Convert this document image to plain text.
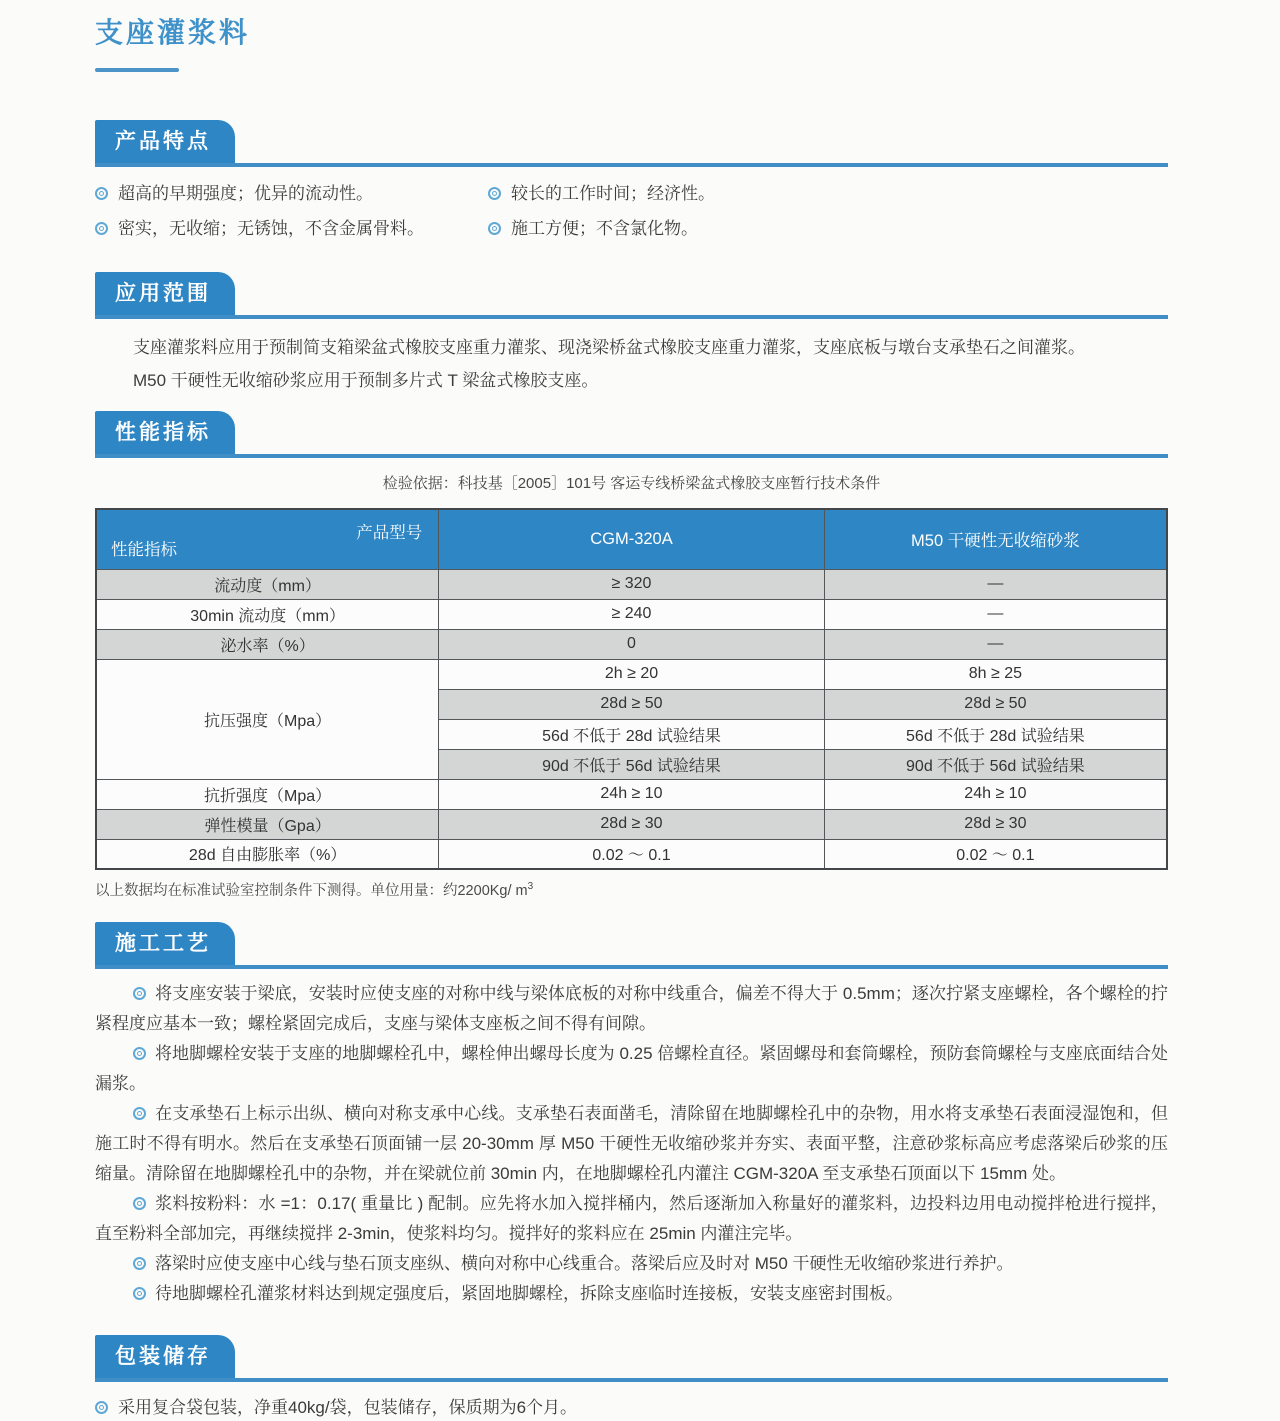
支座灌浆料
产品特点
超高的早期强度；优异的流动性。	较长的工作时间；经济性。
密实，无收缩；无锈蚀，不含金属骨料。	施工方便；不含氯化物。
应用范围

支座灌浆料应用于预制简支箱梁盆式橡胶支座重力灌浆、现浇梁桥盆式橡胶支座重力灌浆，支座底板与墩台支承垫石之间灌浆。

M50 干硬性无收缩砂浆应用于预制多片式 T 梁盆式橡胶支座。

性能指标

检验依据：科技基［2005］101号 客运专线桥梁盆式橡胶支座暂行技术条件

产品型号
性能指标	CGM-320A	M50 干硬性无收缩砂浆
流动度（mm）	≥ 320	—
30min 流动度（mm）	≥ 240	—
泌水率（%）	0	—
抗压强度（Mpa）	2h ≥ 20	8h ≥ 25
	28d ≥ 50	28d ≥ 50
	56d 不低于 28d 试验结果	56d 不低于 28d 试验结果
	90d 不低于 56d 试验结果	90d 不低于 56d 试验结果
抗折强度（Mpa）	24h ≥ 10	24h ≥ 10
弹性模量（Gpa）	28d ≥ 30	28d ≥ 30
28d 自由膨胀率（%）	0.02 ～ 0.1	0.02 ～ 0.1

以上数据均在标准试验室控制条件下测得。单位用量：约2200Kg/ $m^3$

施工工艺

将支座安装于梁底，安装时应使支座的对称中线与梁体底板的对称中线重合，偏差不得大于 0.5mm；逐次拧紧支座螺栓，各个螺栓的拧紧程度应基本一致；螺栓紧固完成后，支座与梁体支座板之间不得有间隙。

将地脚螺栓安装于支座的地脚螺栓孔中，螺栓伸出螺母长度为 0.25 倍螺栓直径。紧固螺母和套筒螺栓，预防套筒螺栓与支座底面结合处漏浆。

在支承垫石上标示出纵、横向对称支承中心线。支承垫石表面凿毛，清除留在地脚螺栓孔中的杂物，用水将支承垫石表面浸湿饱和，但施工时不得有明水。然后在支承垫石顶面铺一层 20-30mm 厚 M50 干硬性无收缩砂浆并夯实、表面平整，注意砂浆标高应考虑落梁后砂浆的压缩量。清除留在地脚螺栓孔中的杂物，并在梁就位前 30min 内，在地脚螺栓孔内灌注 CGM-320A 至支承垫石顶面以下 15mm 处。

浆料按粉料：水 =1：0.17( 重量比 ) 配制。应先将水加入搅拌桶内，然后逐渐加入称量好的灌浆料，边投料边用电动搅拌枪进行搅拌，直至粉料全部加完，再继续搅拌 2-3min，使浆料均匀。搅拌好的浆料应在 25min 内灌注完毕。

落梁时应使支座中心线与垫石顶支座纵、横向对称中心线重合。落梁后应及时对 M50 干硬性无收缩砂浆进行养护。

待地脚螺栓孔灌浆材料达到规定强度后，紧固地脚螺栓，拆除支座临时连接板，安装支座密封围板。

包装储存
采用复合袋包装，净重40kg/袋，包装储存，保质期为6个月。
